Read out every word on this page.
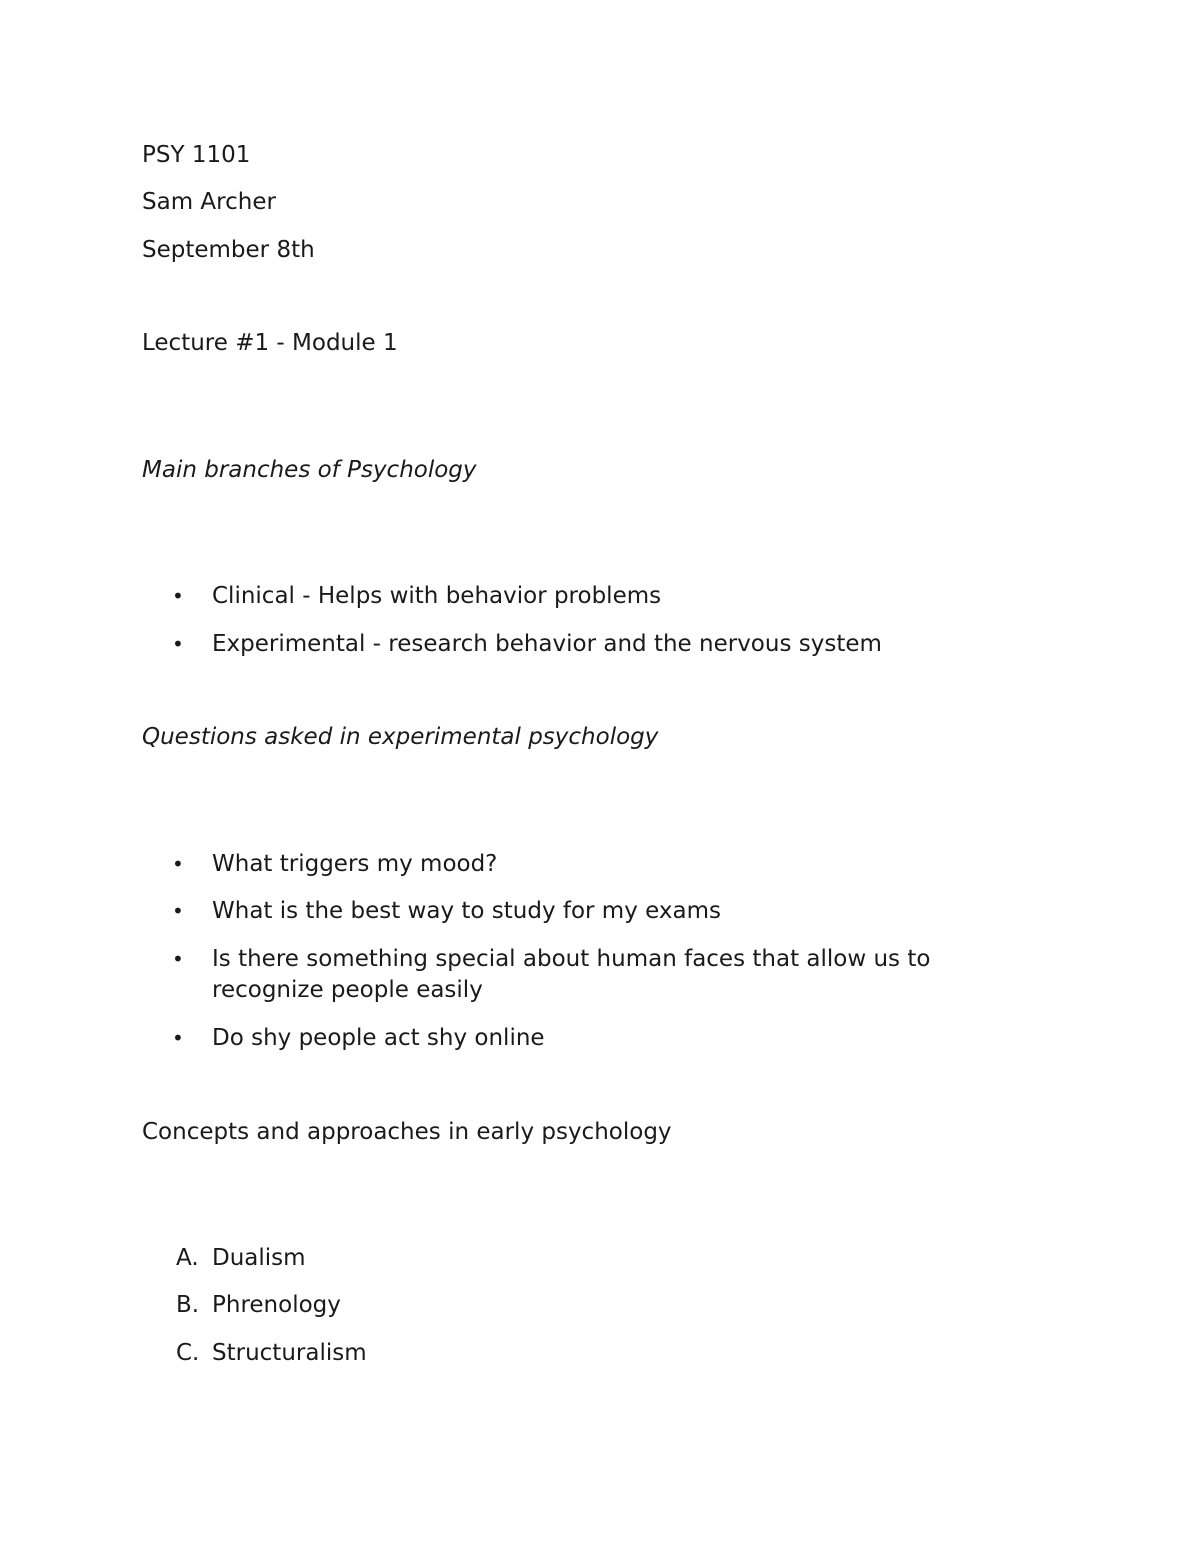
PSY 1101
Sam Archer
September 8th
Lecture #1 - Module 1
Main branches of Psychology
• Clinical - Helps with behavior problems
• Experimental - research behavior and the nervous system
Questions asked in experimental psychology
• What triggers my mood?
• What is the best way to study for my exams
• Is there something special about human faces that allow us to recognize people easily
• Do shy people act shy online
Concepts and approaches in early psychology
A. Dualism
B. Phrenology
C. Structuralism
